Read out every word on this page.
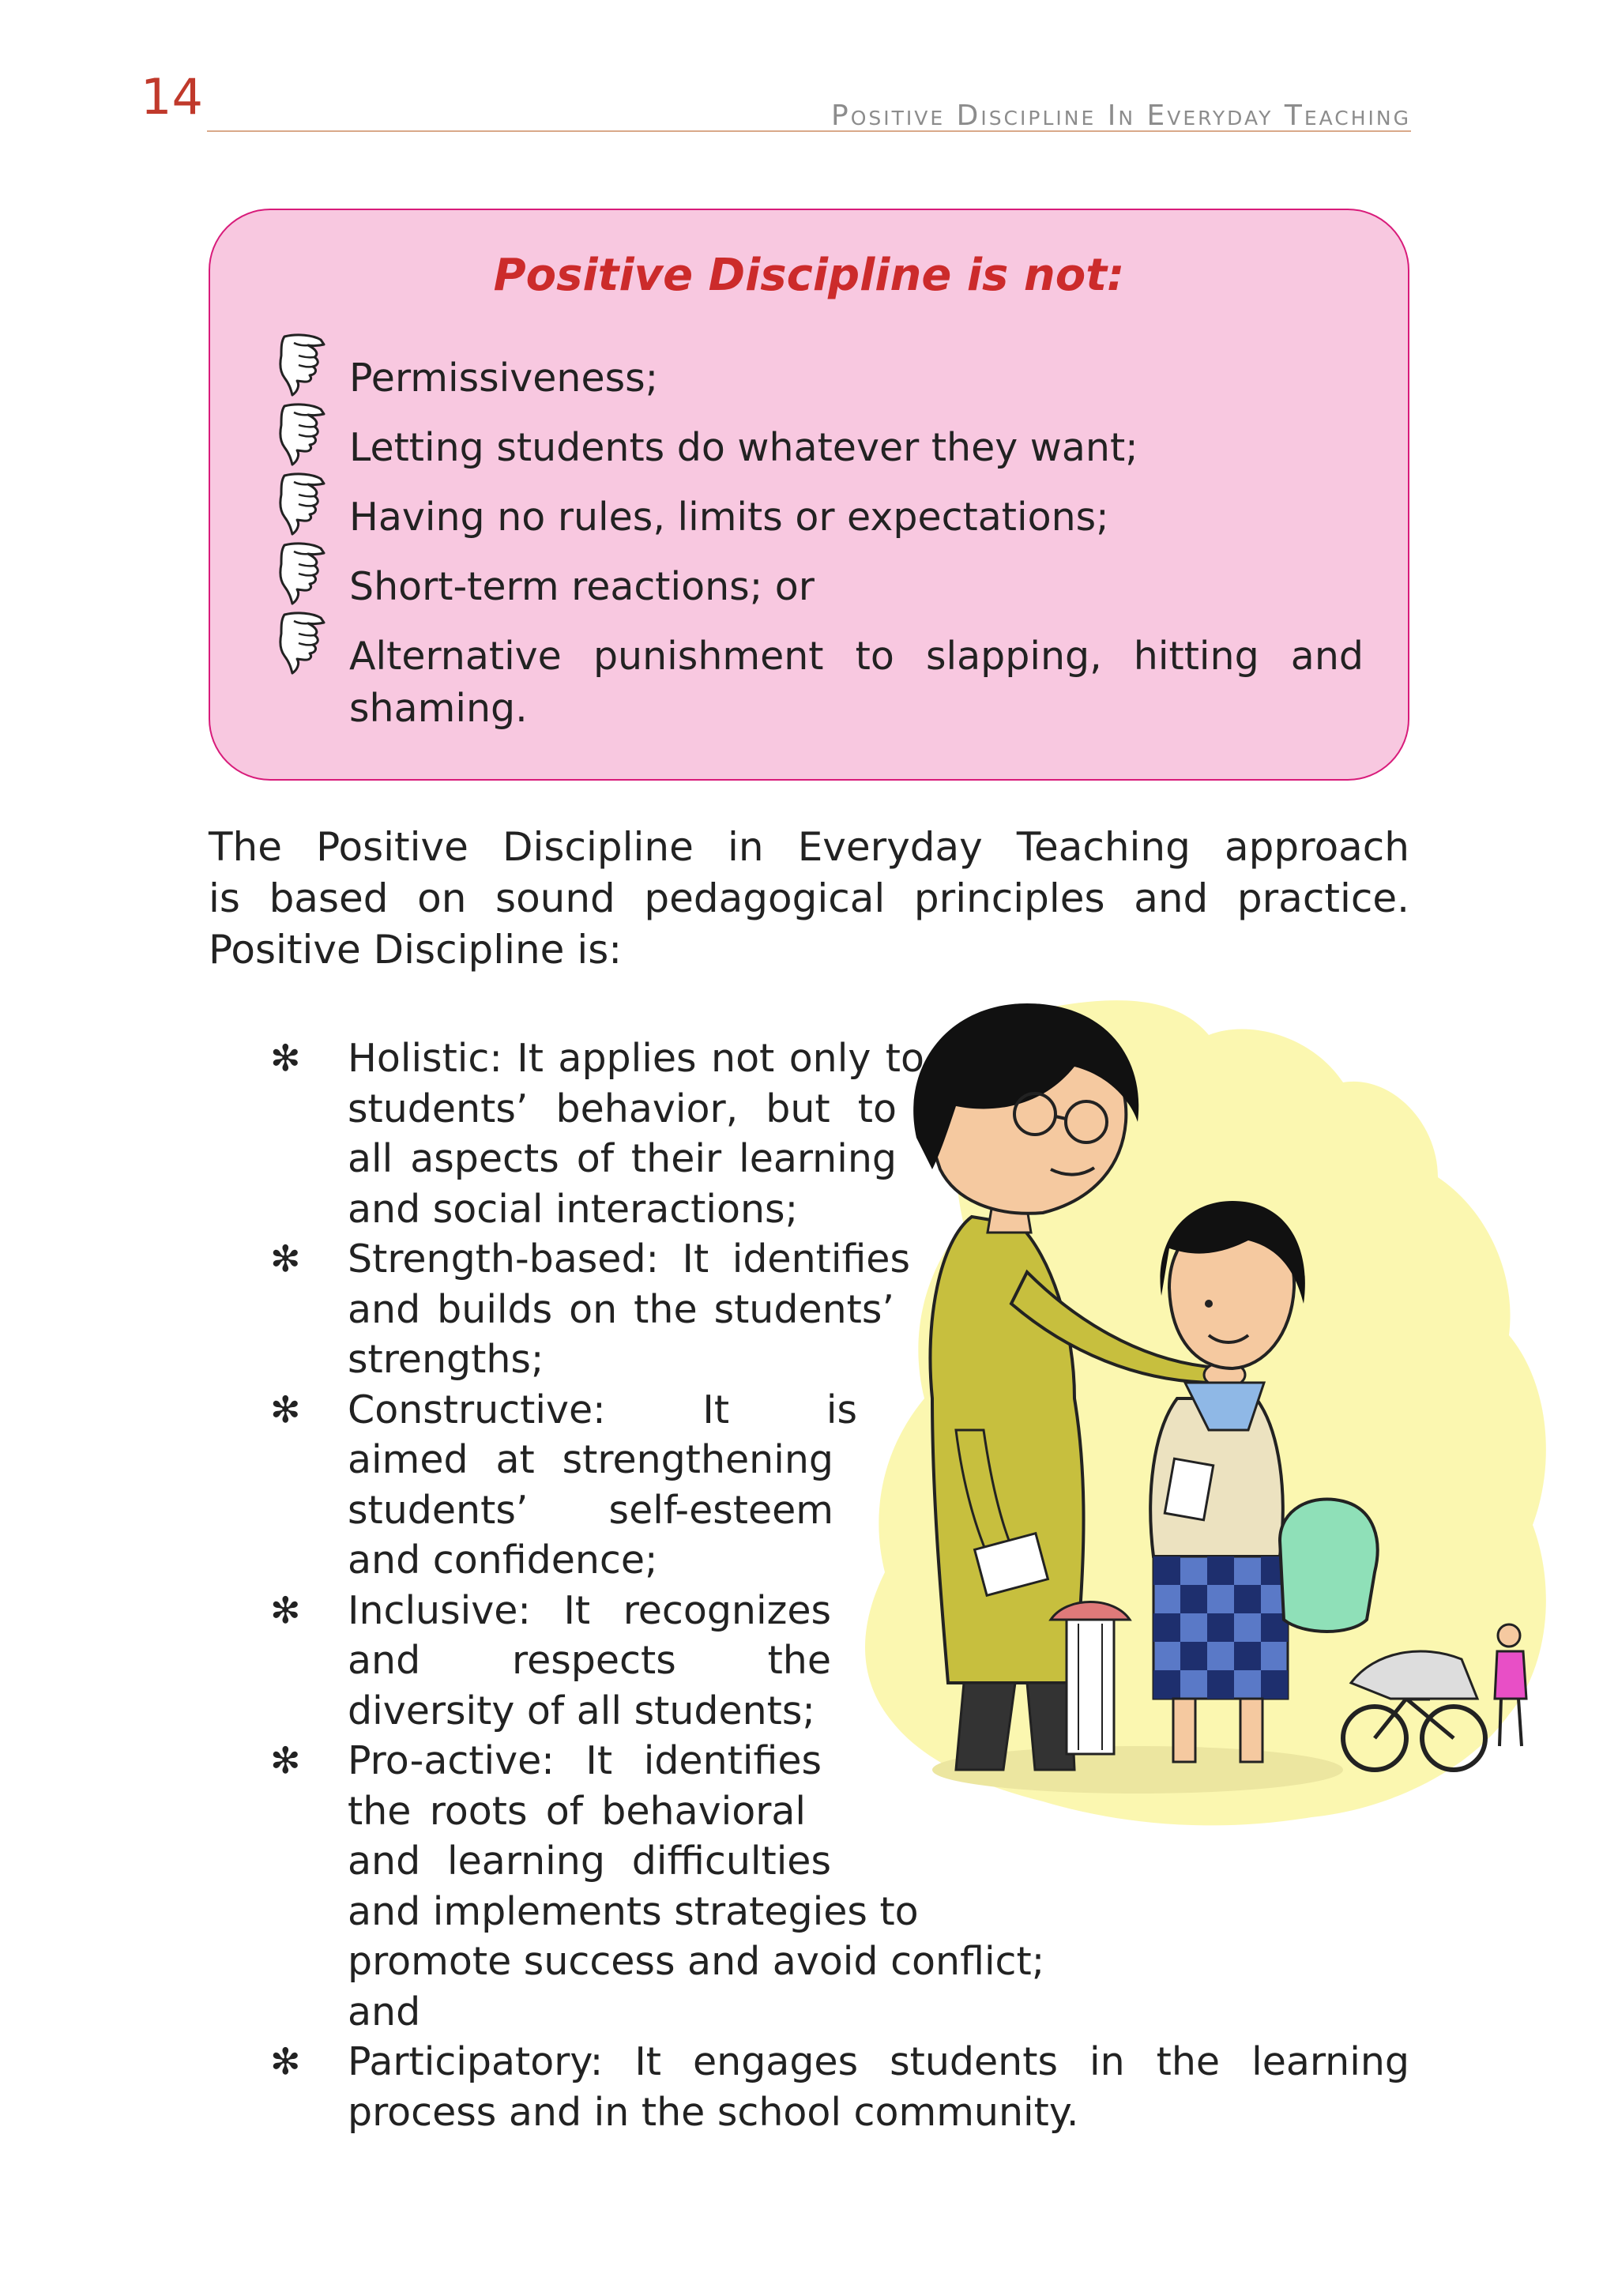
14	Positive Discipline In Everyday Teaching
Positive Discipline is not:
Permissiveness;
Letting students do whatever they want;
Having no rules, limits or expectations;
Short-term reactions; or
Alternative punishment to slapping, hitting and shaming.

The Positive Discipline in Everyday Teaching approach
is based on sound pedagogical principles and practice.
Positive Discipline is:

✻ Holistic: It applies not only to
students’ behavior, but to
all aspects of their learning
and social interactions;
✻ Strength-based: It identifies
and builds on the students’
strengths;
✻ Constructive: It is
aimed at strengthening
students’ self-esteem
and confidence;
✻ Inclusive: It recognizes
and respects the
diversity of all students;
✻ Pro-active: It identifies
the roots of behavioral
and learning difficulties
and implements strategies to
promote success and avoid conflict;
and
✻ Participatory: It engages students in the learning
process and in the school community.
